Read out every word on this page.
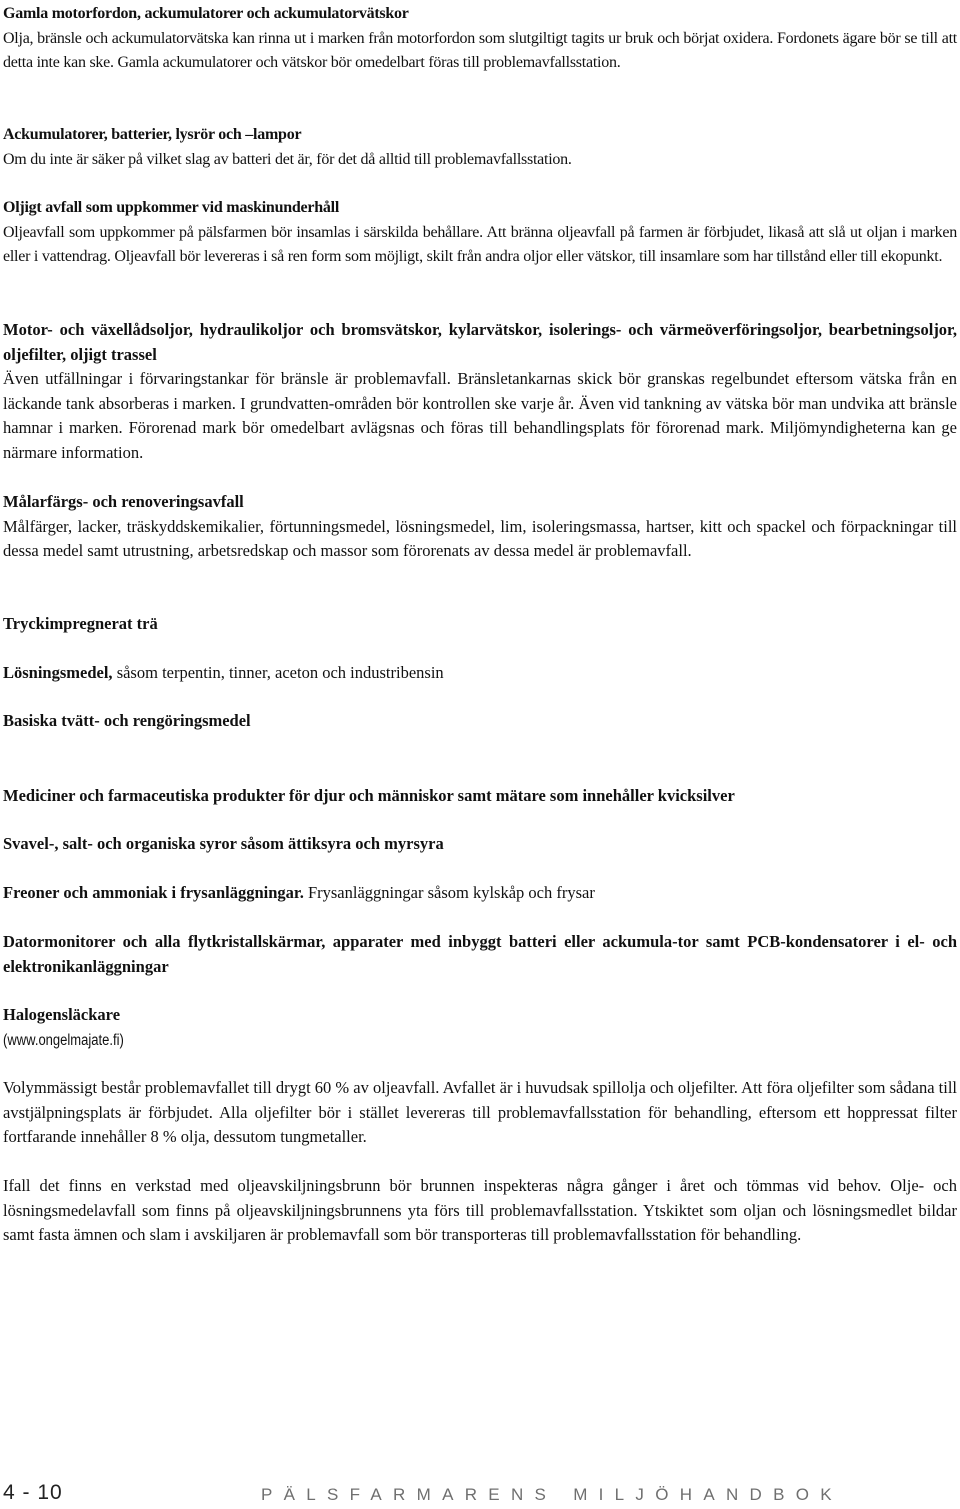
Gamla motorfordon, ackumulatorer och ackumulatorvätskor
Olja, bränsle och ackumulatorvätska kan rinna ut i marken från motorfordon som slutgiltigt tagits ur bruk och börjat oxidera. Fordonets ägare bör se till att detta inte kan ske. Gamla ackumulatorer och vätskor bör omedelbart föras till problemavfallsstation.

Ackumulatorer, batterier, lysrör och –lampor
Om du inte är säker på vilket slag av batteri det är, för det då alltid till problemavfallsstation.

Oljigt avfall som uppkommer vid maskinunderhåll
Oljeavfall som uppkommer på pälsfarmen bör insamlas i särskilda behållare. Att bränna oljeavfall på farmen är förbjudet, likaså att slå ut oljan i marken eller i vattendrag. Oljeavfall bör levereras i så ren form som möjligt, skilt från andra oljor eller vätskor, till insamlare som har tillstånd eller till ekopunkt.

Motor- och växellådsoljor, hydraulikoljor och bromsvätskor, kylarvätskor, isolerings- och värmeöverföringsoljor, bearbetningsoljor, oljefilter, oljigt trassel
Även utfällningar i förvaringstankar för bränsle är problemavfall. Bränsletankarnas skick bör granskas regelbundet eftersom vätska från en läckande tank absorberas i marken. I grundvatten-områden bör kontrollen ske varje år. Även vid tankning av vätska bör man undvika att bränsle hamnar i marken. Förorenad mark bör omedelbart avlägsnas och föras till behandlingsplats för förorenad mark. Miljömyndigheterna kan ge närmare information.

Målarfärgs- och renoveringsavfall
Målfärger, lacker, träskyddskemikalier, förtunningsmedel, lösningsmedel, lim, isoleringsmassa, hartser, kitt och spackel och förpackningar till dessa medel samt utrustning, arbetsredskap och massor som förorenats av dessa medel är problemavfall.

Tryckimpregnerat trä

Lösningsmedel, såsom terpentin, tinner, aceton och industribensin

Basiska tvätt- och rengöringsmedel

Mediciner och farmaceutiska produkter för djur och människor samt mätare som innehåller kvicksilver

Svavel-, salt- och organiska syror såsom ättiksyra och myrsyra

Freoner och ammoniak i frysanläggningar. Frysanläggningar såsom kylskåp och frysar

Datormonitorer och alla flytkristallskärmar, apparater med inbyggt batteri eller ackumula-tor samt PCB-kondensatorer i el- och elektronikanläggningar

Halogensläckare
(www.ongelmajate.fi)

Volymmässigt består problemavfallet till drygt 60 % av oljeavfall. Avfallet är i huvudsak spillolja och oljefilter. Att föra oljefilter som sådana till avstjälpningsplats är förbjudet. Alla oljefilter bör i stället levereras till problemavfallsstation för behandling, eftersom ett hoppressat filter fortfarande innehåller 8 % olja, dessutom tungmetaller.

Ifall det finns en verkstad med oljeavskiljningsbrunn bör brunnen inspekteras några gånger i året och tömmas vid behov. Olje- och lösningsmedelavfall som finns på oljeavskiljningsbrunnens yta förs till problemavfallsstation. Ytskiktet som oljan och lösningsmedlet bildar samt fasta ämnen och slam i avskiljaren är problemavfall som bör transporteras till problemavfallsstation för behandling.

4 - 10	PÄLSFARMARENS MILJÖHANDBOK
